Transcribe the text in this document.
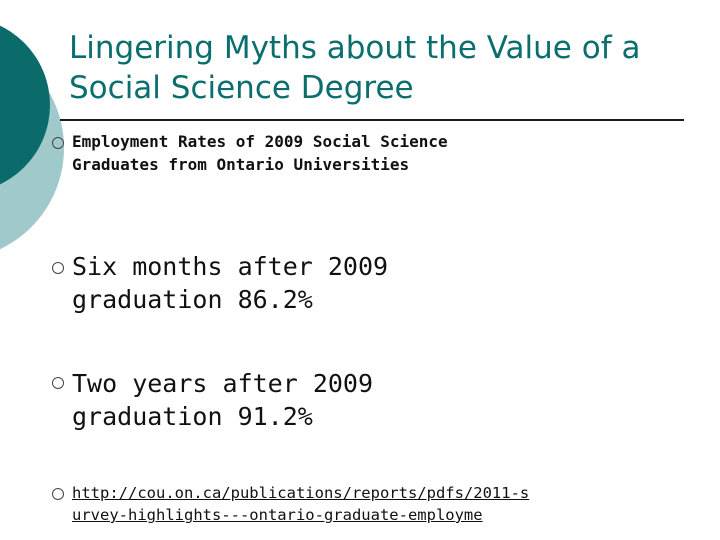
Lingering Myths about the Value of a Social Science Degree
Employment Rates of 2009 Social Science Graduates from Ontario Universities
Six months after 2009 graduation 86.2%
Two years after 2009 graduation 91.2%
http://cou.on.ca/publications/reports/pdfs/2011-survey-highlights---ontario-graduate-employme
